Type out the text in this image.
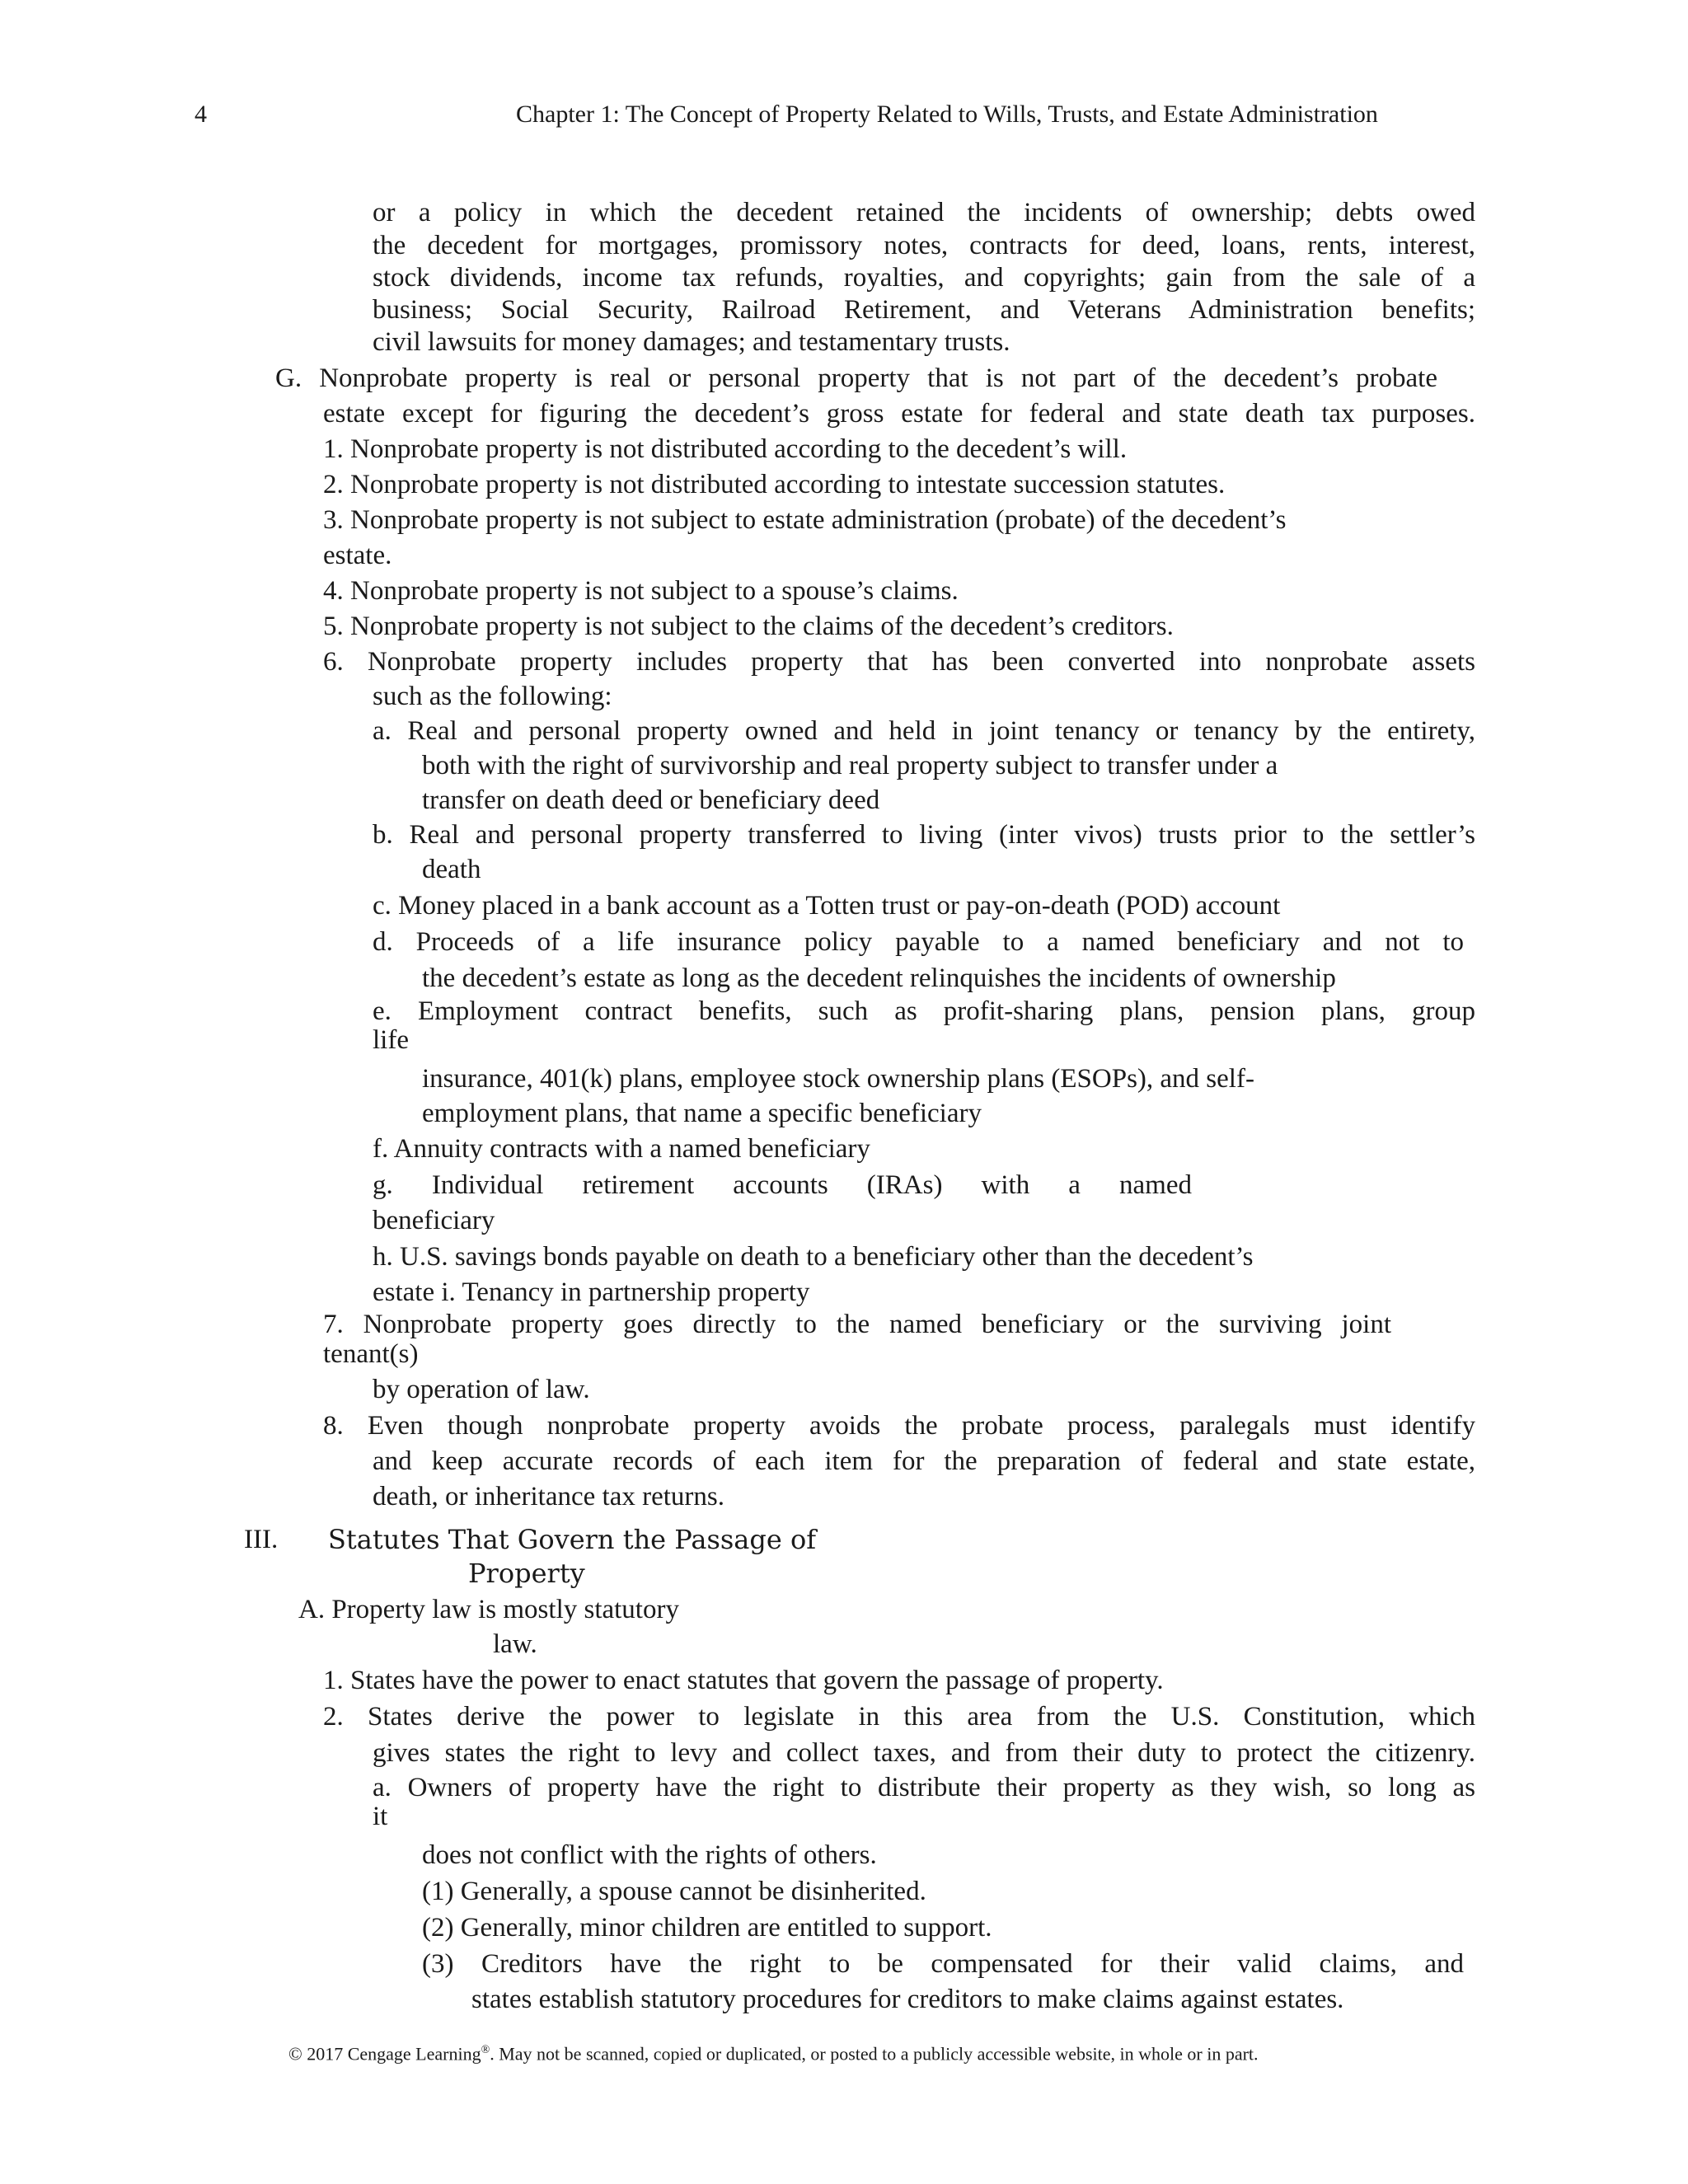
4	Chapter 1: The Concept of Property Related to Wills, Trusts, and Estate Administration
or a policy in which the decedent retained the incidents of ownership; debts owed
the decedent for mortgages, promissory notes, contracts for deed, loans, rents, interest,
stock dividends, income tax refunds, royalties, and copyrights; gain from the sale of a
business; Social Security, Railroad Retirement, and Veterans Administration benefits;
civil lawsuits for money damages; and testamentary trusts.
G. Nonprobate property is real or personal property that is not part of the decedent’s probate
estate except for figuring the decedent’s gross estate for federal and state death tax purposes.
1. Nonprobate property is not distributed according to the decedent’s will.
2. Nonprobate property is not distributed according to intestate succession statutes.
3. Nonprobate property is not subject to estate administration (probate) of the decedent’s
estate.
4. Nonprobate property is not subject to a spouse’s claims.
5. Nonprobate property is not subject to the claims of the decedent’s creditors.
6. Nonprobate property includes property that has been converted into nonprobate assets
such as the following:
a. Real and personal property owned and held in joint tenancy or tenancy by the entirety,
both with the right of survivorship and real property subject to transfer under a
transfer on death deed or beneficiary deed
b. Real and personal property transferred to living (inter vivos) trusts prior to the settler’s
death
c. Money placed in a bank account as a Totten trust or pay-on-death (POD) account
d. Proceeds of a life insurance policy payable to a named beneficiary and not to
the decedent’s estate as long as the decedent relinquishes the incidents of ownership
e. Employment contract benefits, such as profit-sharing plans, pension plans, group
life
insurance, 401(k) plans, employee stock ownership plans (ESOPs), and self-
employment plans, that name a specific beneficiary
f. Annuity contracts with a named beneficiary
g. Individual retirement accounts (IRAs) with a named
beneficiary
h. U.S. savings bonds payable on death to a beneficiary other than the decedent’s
estate i. Tenancy in partnership property
7. Nonprobate property goes directly to the named beneficiary or the surviving joint
tenant(s)
by operation of law.
8. Even though nonprobate property avoids the probate process, paralegals must identify
and keep accurate records of each item for the preparation of federal and state estate,
death, or inheritance tax returns.
III. Statutes That Govern the Passage of
Property
A. Property law is mostly statutory
law.
1. States have the power to enact statutes that govern the passage of property.
2. States derive the power to legislate in this area from the U.S. Constitution, which
gives states the right to levy and collect taxes, and from their duty to protect the citizenry.
a. Owners of property have the right to distribute their property as they wish, so long as
it
does not conflict with the rights of others.
(1) Generally, a spouse cannot be disinherited.
(2) Generally, minor children are entitled to support.
(3) Creditors have the right to be compensated for their valid claims, and
states establish statutory procedures for creditors to make claims against estates.
© 2017 Cengage Learning®. May not be scanned, copied or duplicated, or posted to a publicly accessible website, in whole or in part.
